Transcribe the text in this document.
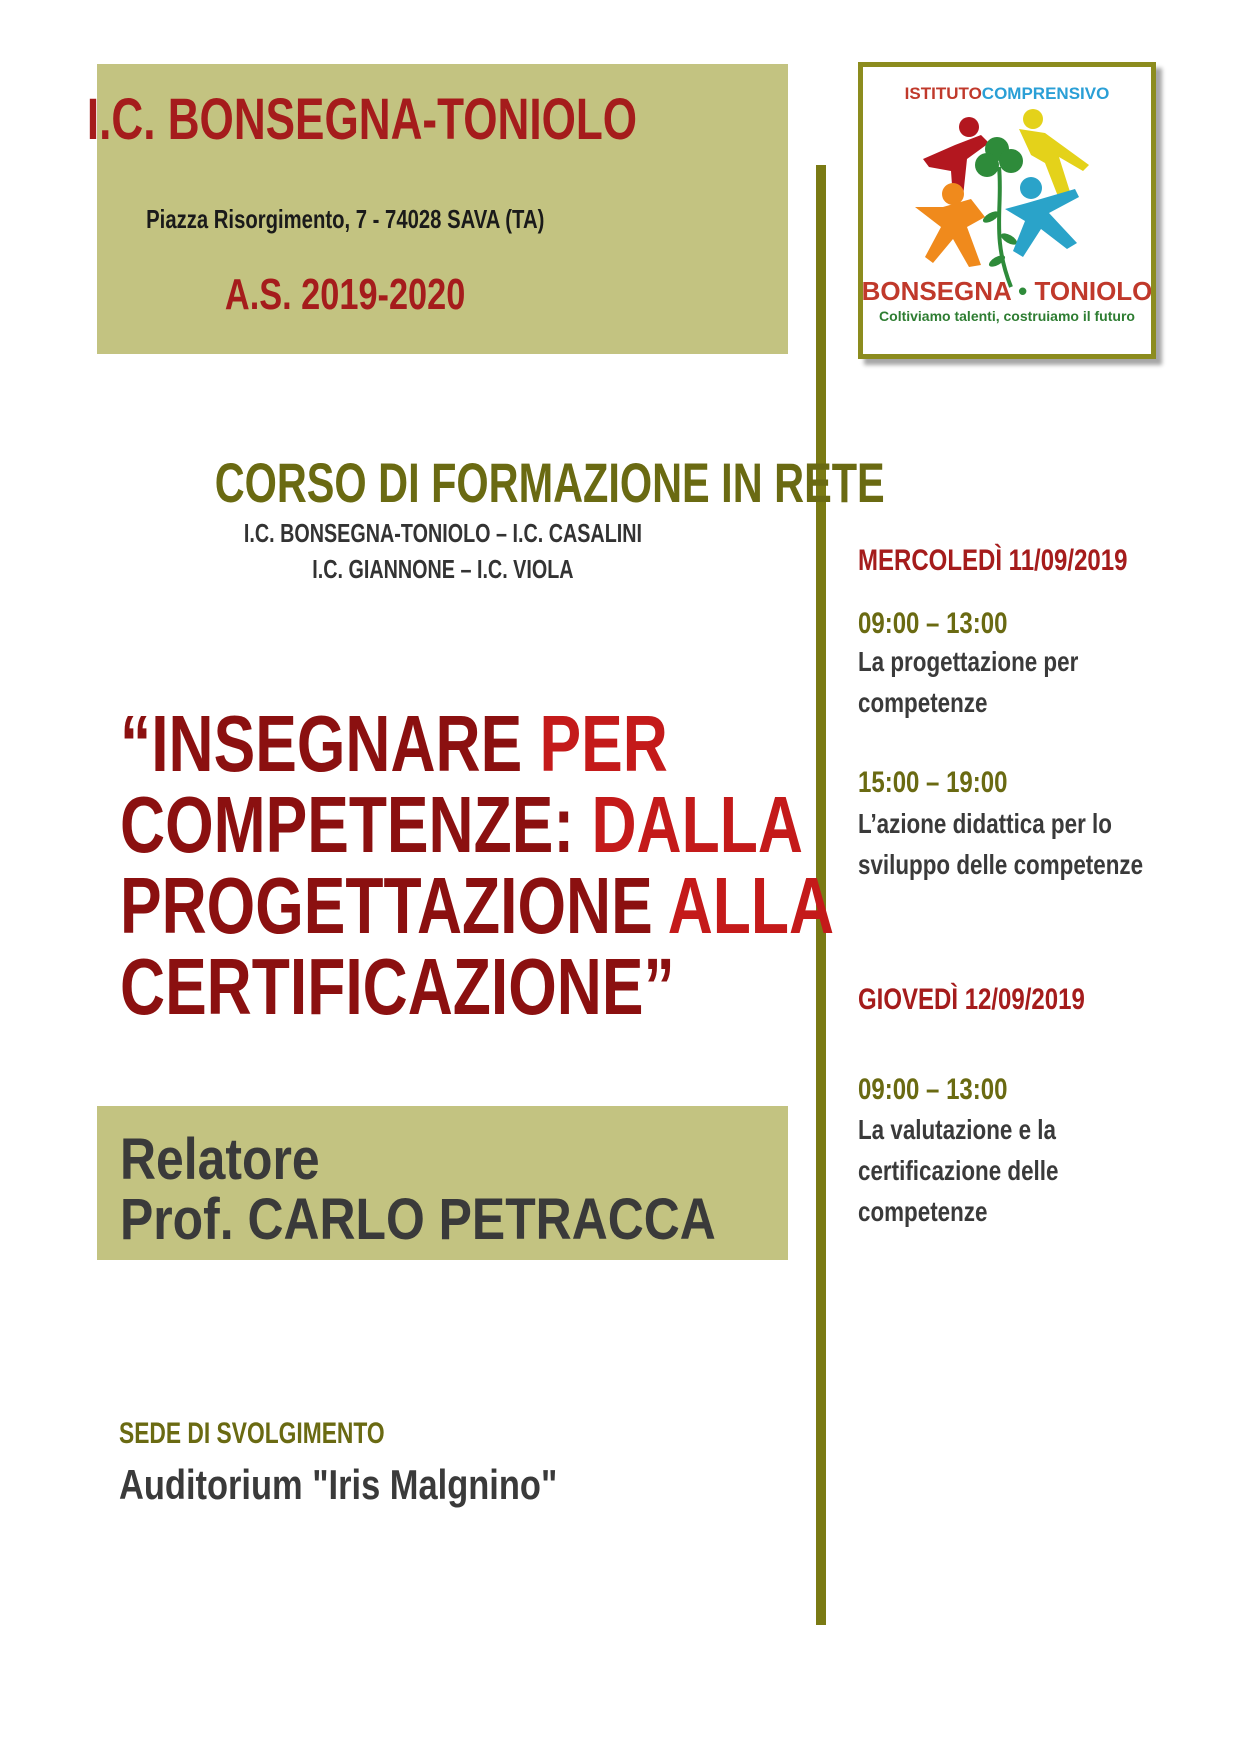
I.C. BONSEGNA-TONIOLO
Piazza Risorgimento, 7 - 74028 SAVA (TA)
A.S. 2019-2020
ISTITUTOCOMPRENSIVO
BONSEGNA • TONIOLO
Coltiviamo talenti, costruiamo il futuro
CORSO DI FORMAZIONE IN RETE
I.C. BONSEGNA-TONIOLO – I.C. CASALINI
I.C. GIANNONE – I.C. VIOLA
“INSEGNARE PER
COMPETENZE: DALLA
PROGETTAZIONE ALLA
CERTIFICAZIONE”
Relatore
Prof. CARLO PETRACCA
SEDE DI SVOLGIMENTO
Auditorium "Iris Malgnino"
MERCOLEDÌ 11/09/2019
09:00 – 13:00
La progettazione per
competenze
15:00 – 19:00
L’azione didattica per lo
sviluppo delle competenze
GIOVEDÌ 12/09/2019
09:00 – 13:00
La valutazione e la
certificazione delle
competenze
